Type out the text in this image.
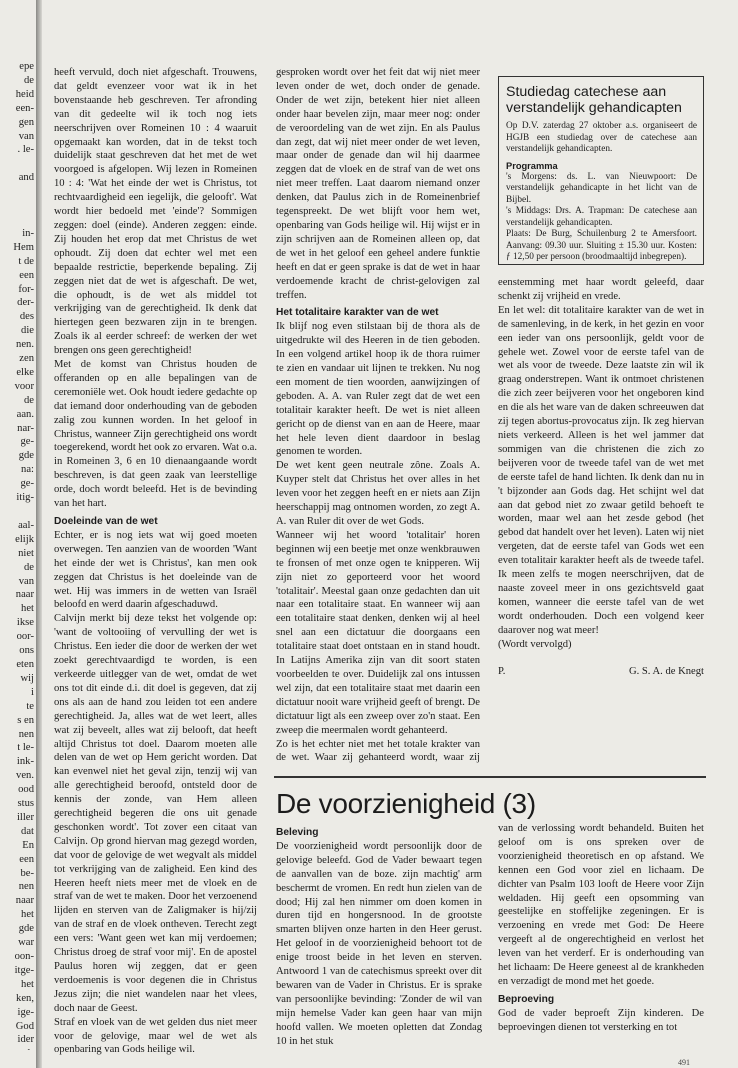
epe
de
heid
een-
gen
van
. le-

and

in-
Hem
t de
een
for-
der-
des
die
nen.
zen
elke
voor
de
aan.
nar-
ge-
gde
na:
ge-
itig-

aal-
elijk
niet
de
van
naar
het
ikse
oor-
ons
eten
wij
i
te
s en
nen
t le-
ink-
ven.
ood
stus
iller
dat
En
een
be-
nen
naar
het
gde
war
oon-
itge-
het
ken,
ige-
God
ider

heeft vervuld, doch niet afgeschaft. Trouwens, dat geldt evenzeer voor wat ik in het bovenstaande heb geschreven. Ter afronding van dit gedeelte wil ik toch nog iets neerschrijven over Romeinen 10 : 4 waaruit opgemaakt kan worden, dat in de tekst toch duidelijk staat geschreven dat het met de wet voorgoed is afgelopen. Wij lezen in Romeinen 10 : 4: 'Wat het einde der wet is Christus, tot rechtvaardigheid een iegelijk, die gelooft'. Wat wordt hier bedoeld met 'einde'? Sommigen zeggen: doel (einde). Anderen zeggen: einde. Zij houden het erop dat met Christus de wet ophoudt. Zij doen dat echter wel met een bepaalde restrictie, beperkende bepaling. Zij zeggen niet dat de wet is afgeschaft. De wet, die ophoudt, is de wet als middel tot verkrijging van de gerechtigheid. Ik denk dat hiertegen geen bezwaren zijn in te brengen. Zoals ik al eerder schreef: de werken der wet brengen ons geen gerechtigheid!

Met de komst van Christus houden de offeranden op en alle bepalingen van de ceremoniële wet. Ook houdt iedere gedachte op dat iemand door onderhouding van de geboden zalig zou kunnen worden. In het geloof in Christus, wanneer Zijn gerechtigheid ons wordt toegerekend, wordt het ook zo ervaren. Wat o.a. in Romeinen 3, 6 en 10 dienaangaande wordt beschreven, is dat geen zaak van leerstellige orde, doch wordt beleefd. Het is de bevinding van het hart.

Doeleinde van de wet

Echter, er is nog iets wat wij goed moeten overwegen. Ten aanzien van de woorden 'Want het einde der wet is Christus', kan men ook zeggen dat Christus is het doeleinde van de wet. Hij was immers in de wetten van Israël beloofd en werd daarin afgeschaduwd.

Calvijn merkt bij deze tekst het volgende op: 'want de voltooiing of vervulling der wet is Christus. Een ieder die door de werken der wet zoekt gerechtvaardigd te worden, is een verkeerde uitlegger van de wet, omdat de wet ons tot dit einde d.i. dit doel is gegeven, dat zij ons als aan de hand zou leiden tot een andere gerechtigheid. Ja, alles wat de wet leert, alles wat zij beveelt, alles wat zij belooft, dat heeft altijd Christus tot doel. Daarom moeten alle delen van de wet op Hem gericht worden. Dat kan evenwel niet het geval zijn, tenzij wij van alle gerechtigheid beroofd, ontsteld door de kennis der zonde, van Hem alleen gerechtigheid begeren die ons uit genade geschonken wordt'. Tot zover een citaat van Calvijn. Op grond hiervan mag gezegd worden, dat voor de gelovige de wet wegvalt als middel tot verkrijging van de zaligheid. Een kind des Heeren heeft niets meer met de vloek en de straf van de wet te maken. Door het verzoenend lijden en sterven van de Zaligmaker is hij/zij van de straf en de vloek ontheven. Terecht zegt een vers: 'Want geen wet kan mij verdoemen; Christus droeg de straf voor mij'. En de apostel Paulus horen wij zeggen, dat er geen verdoemenis is voor degenen die in Christus Jezus zijn; die niet wandelen naar het vlees, doch naar de Geest.

Straf en vloek van de wet gelden dus niet meer voor de gelovige, maar wel de wet als openbaring van Gods heilige wil.

gesproken wordt over het feit dat wij niet meer leven onder de wet, doch onder de genade. Onder de wet zijn, betekent hier niet alleen onder haar bevelen zijn, maar meer nog: onder de veroordeling van de wet zijn. En als Paulus dan zegt, dat wij niet meer onder de wet leven, maar onder de genade dan wil hij daarmee zeggen dat de vloek en de straf van de wet ons niet meer treffen. Laat daarom niemand onzer denken, dat Paulus zich in de Romeinenbrief tegenspreekt. De wet blijft voor hem wet, openbaring van Gods heilige wil. Hij wijst er in zijn schrijven aan de Romeinen alleen op, dat de wet in het geloof een geheel andere funktie heeft en dat er geen sprake is dat de wet in haar verdoemende kracht de christ-gelovigen zal treffen.

Het totalitaire karakter van de wet

Ik blijf nog even stilstaan bij de thora als de uitgedrukte wil des Heeren in de tien geboden. In een volgend artikel hoop ik de thora ruimer te zien en vandaar uit lijnen te trekken. Nu nog een moment de tien woorden, aanwijzingen of geboden. A. A. van Ruler zegt dat de wet een totalitair karakter heeft. De wet is niet alleen gericht op de dienst van en aan de Heere, maar het hele leven dient daardoor in beslag genomen te worden.

De wet kent geen neutrale zône. Zoals A. Kuyper stelt dat Christus het over alles in het leven voor het zeggen heeft en er niets aan Zijn heerschappij mag ontnomen worden, zo zegt A. A. van Ruler dit over de wet Gods.

Wanneer wij het woord 'totalitair' horen beginnen wij een beetje met onze wenkbrauwen te fronsen of met onze ogen te knipperen. Wij zijn niet zo geporteerd voor het woord 'totalitair'. Meestal gaan onze gedachten dan uit naar een totalitaire staat. En wanneer wij aan een totalitaire staat denken, denken wij al heel snel aan een dictatuur die doorgaans een totalitaire staat doet ontstaan en in stand houdt. In Latijns Amerika zijn van dit soort staten voorbeelden te over. Duidelijk zal ons intussen wel zijn, dat een totalitaire staat met daarin een dictatuur nooit ware vrijheid geeft of brengt. De dictatuur ligt als een zweep over zo'n staat. Een zweep die meermalen wordt gehanteerd.

Zo is het echter niet met het totale krakter van de wet. Waar zij gehanteerd wordt, waar zij

Studiedag catechese aan verstandelijk gehandicapten

Op D.V. zaterdag 27 oktober a.s. organiseert de HGJB een studiedag over de catechese aan verstandelijk gehandicapten.

Programma

's Morgens: ds. L. van Nieuwpoort: De verstandelijk gehandicapte in het licht van de Bijbel.

's Middags: Drs. A. Trapman: De catechese aan verstandelijk gehandicapten.

Plaats: De Burg, Schuilenburg 2 te Amersfoort. Aanvang: 09.30 uur. Sluiting ± 15.30 uur. Kosten: ƒ 12,50 per persoon (broodmaaltijd inbegrepen).

eenstemming met haar wordt geleefd, daar schenkt zij vrijheid en vrede.

En let wel: dit totalitaire karakter van de wet in de samenleving, in de kerk, in het gezin en voor een ieder van ons persoonlijk, geldt voor de gehele wet. Zowel voor de eerste tafel van de wet als voor de tweede. Deze laatste zin wil ik graag onderstrepen. Want ik ontmoet christenen die zich zeer beijveren voor het ongeboren kind en die als het ware van de daken schreeuwen dat zij tegen abortus-provocatus zijn. Ik zeg hiervan niets verkeerd. Alleen is het wel jammer dat sommigen van die christenen die zich zo beijveren voor de tweede tafel van de wet met de eerste tafel de hand lichten. Ik denk dan nu in 't bijzonder aan Gods dag. Het schijnt wel dat aan dat gebod niet zo zwaar getild behoeft te worden, maar wel aan het zesde gebod (het gebod dat handelt over het leven). Laten wij niet vergeten, dat de eerste tafel van Gods wet een even totalitair karakter heeft als de tweede tafel. Ik meen zelfs te mogen neerschrijven, dat de naaste zoveel meer in ons gezichtsveld gaat komen, wanneer die eerste tafel van de wet wordt onderhouden. Doch een volgend keer daarover nog wat meer!

(Wordt vervolgd)

P.	G. S. A. de Knegt
De voorzienigheid (3)
Beleving

De voorzienigheid wordt persoonlijk door de gelovige beleefd. God de Vader bewaart tegen de aanvallen van de boze. zijn machtig' arm beschermt de vromen. En redt hun zielen van de dood; Hij zal hen nimmer om doen komen in duren tijd en hongersnood. In de grootste smarten blijven onze harten in den Heer gerust. Het geloof in de voorzienigheid behoort tot de enige troost beide in het leven en sterven. Antwoord 1 van de catechismus spreekt over dit bewaren van de Vader in Christus. Er is sprake van persoonlijke bevinding: 'Zonder de wil van mijn hemelse Vader kan geen haar van mijn hoofd vallen. We moeten opletten dat Zondag 10 in het stuk

van de verlossing wordt behandeld. Buiten het geloof om is ons spreken over de voorzienigheid theoretisch en op afstand. We kennen een God voor ziel en lichaam. De dichter van Psalm 103 looft de Heere voor Zijn weldaden. Hij geeft een opsomming van geestelijke en stoffelijke zegeningen. Er is verzoening en vrede met God: De Heere vergeeft al de ongerechtigheid en verlost het leven van het verderf. Er is onderhouding van het lichaam: De Heere geneest al de krankheden en verzadigt de mond met het goede.

Beproeving

God de vader beproeft Zijn kinderen. De beproevingen dienen tot versterking en tot

491
